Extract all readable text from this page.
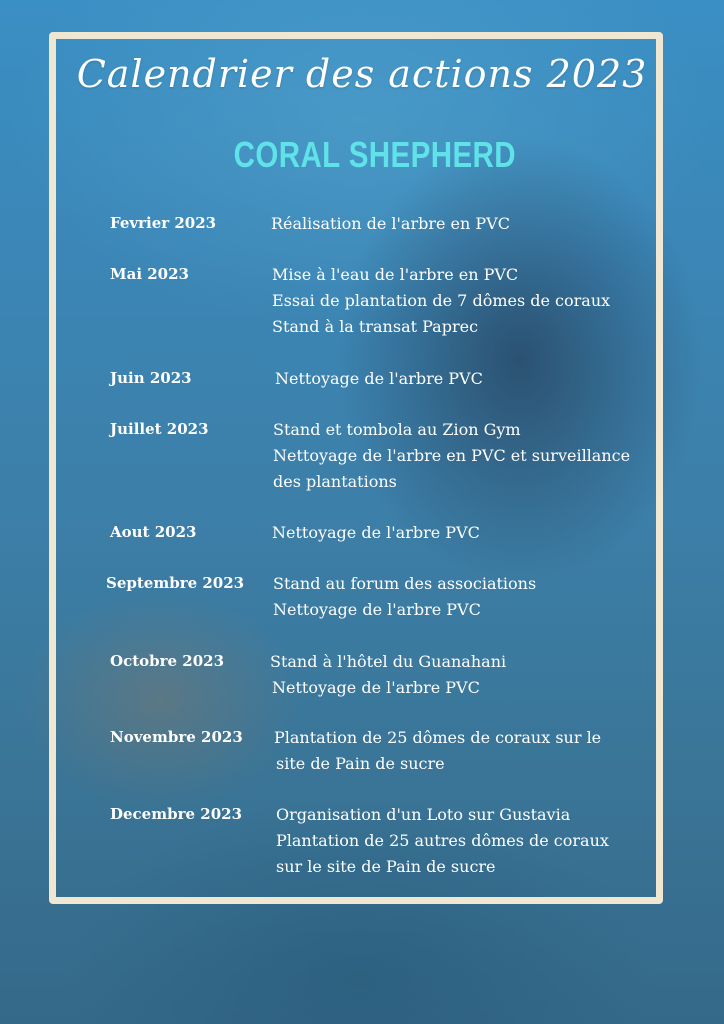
Calendrier des actions 2023
CORAL SHEPHERD
Fevrier 2023	Réalisation de l'arbre en PVC
Mai 2023	Mise à l'eau de l'arbre en PVC
Essai de plantation de 7 dômes de coraux
Stand à la transat Paprec
Juin 2023	Nettoyage de l'arbre PVC
Juillet 2023	Stand et tombola au Zion Gym
Nettoyage de l'arbre en PVC et surveillance
des plantations
Aout 2023	Nettoyage de l'arbre PVC
Septembre 2023 Stand au forum des associations
Nettoyage de l'arbre PVC
Octobre 2023	Stand à l'hôtel du Guanahani
Nettoyage de l'arbre PVC
Novembre 2023 Plantation de 25 dômes de coraux sur le
site de Pain de sucre
Decembre 2023 Organisation d'un Loto sur Gustavia
Plantation de 25 autres dômes de coraux
sur le site de Pain de sucre
